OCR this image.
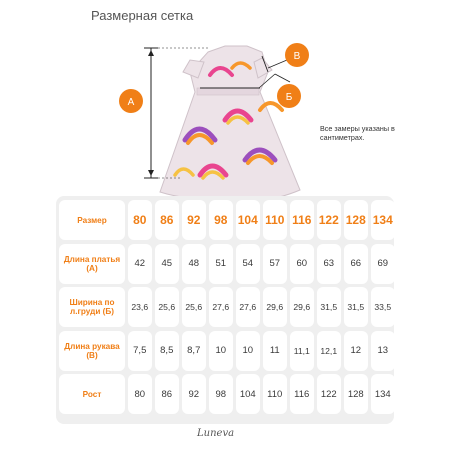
Размерная сетка
А
В
Б
Все замеры указаны в сантиметрах.
Размер	80	86	92	98 104 110 116 122 128 134
Длина платья (А)	42	45	48	51	54	57	60	63	66	69
Ширина по л.груди (Б)	23,6	25,6	25,6	27,6	27,6	29,6	29,6	31,5	31,5	33,5
Длина рукава (В)	7,5	8,5	8,7	10	10	11	11,1	12,1	12	13
Рост	80	86	92	98	104	110	116	122	128	134
Luneva
